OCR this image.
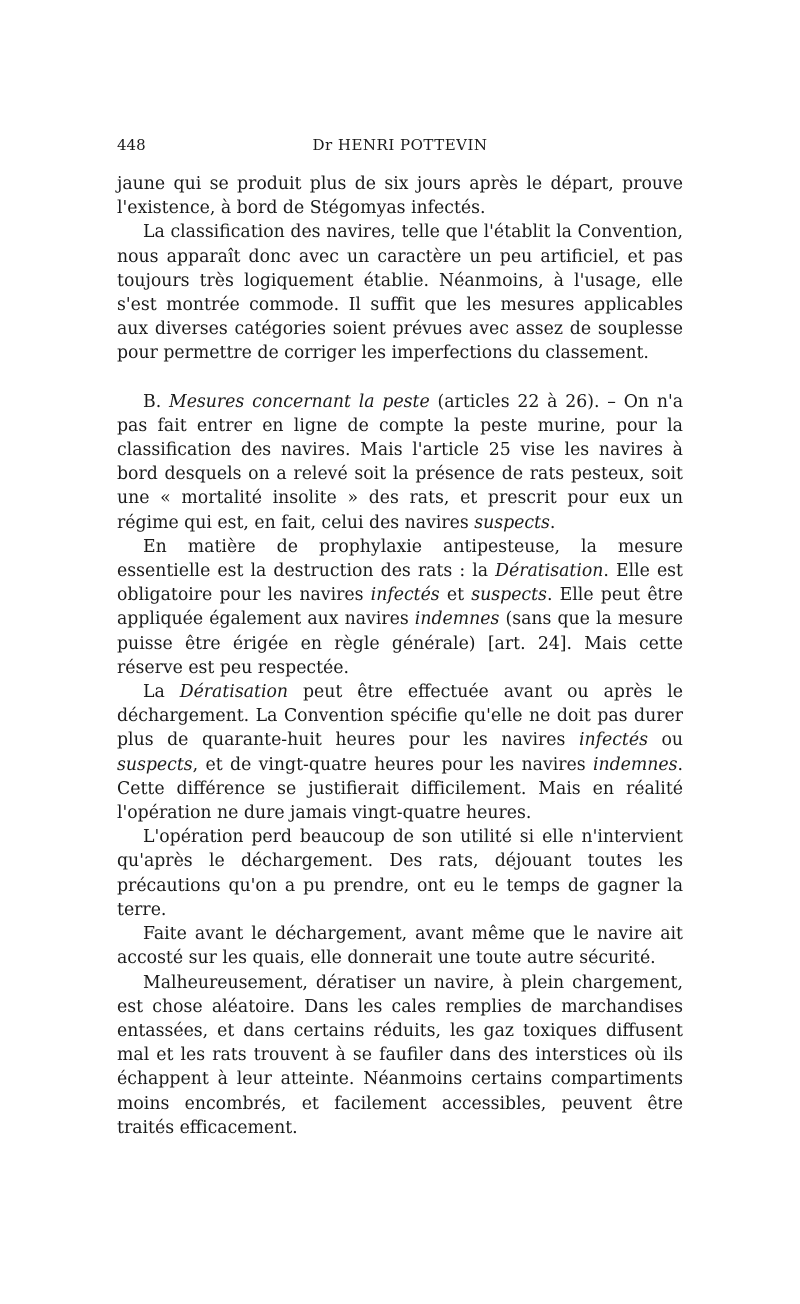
448	Dr HENRI POTTEVIN

jaune qui se produit plus de six jours après le départ, prouve l'existence, à bord de Stégomyas infectés.

La classification des navires, telle que l'établit la Convention, nous apparaît donc avec un caractère un peu artificiel, et pas toujours très logiquement établie. Néanmoins, à l'usage, elle s'est montrée commode. Il suffit que les mesures applicables aux diverses catégories soient prévues avec assez de souplesse pour permettre de corriger les imperfections du classement.

B. Mesures concernant la peste (articles 22 à 26). – On n'a pas fait entrer en ligne de compte la peste murine, pour la classification des navires. Mais l'article 25 vise les navires à bord desquels on a relevé soit la présence de rats pesteux, soit une « mortalité insolite » des rats, et prescrit pour eux un régime qui est, en fait, celui des navires suspects.

En matière de prophylaxie antipesteuse, la mesure essentielle est la destruction des rats : la Dératisation. Elle est obligatoire pour les navires infectés et suspects. Elle peut être appliquée également aux navires indemnes (sans que la mesure puisse être érigée en règle générale) [art. 24]. Mais cette réserve est peu respectée.

La Dératisation peut être effectuée avant ou après le déchargement. La Convention spécifie qu'elle ne doit pas durer plus de quarante-huit heures pour les navires infectés ou suspects, et de vingt-quatre heures pour les navires indemnes. Cette différence se justifierait difficilement. Mais en réalité l'opération ne dure jamais vingt-quatre heures.

L'opération perd beaucoup de son utilité si elle n'intervient qu'après le déchargement. Des rats, déjouant toutes les précautions qu'on a pu prendre, ont eu le temps de gagner la terre.

Faite avant le déchargement, avant même que le navire ait accosté sur les quais, elle donnerait une toute autre sécurité.

Malheureusement, dératiser un navire, à plein chargement, est chose aléatoire. Dans les cales remplies de marchandises entassées, et dans certains réduits, les gaz toxiques diffusent mal et les rats trouvent à se faufiler dans des interstices où ils échappent à leur atteinte. Néanmoins certains compartiments moins encombrés, et facilement accessibles, peuvent être traités efficacement.
